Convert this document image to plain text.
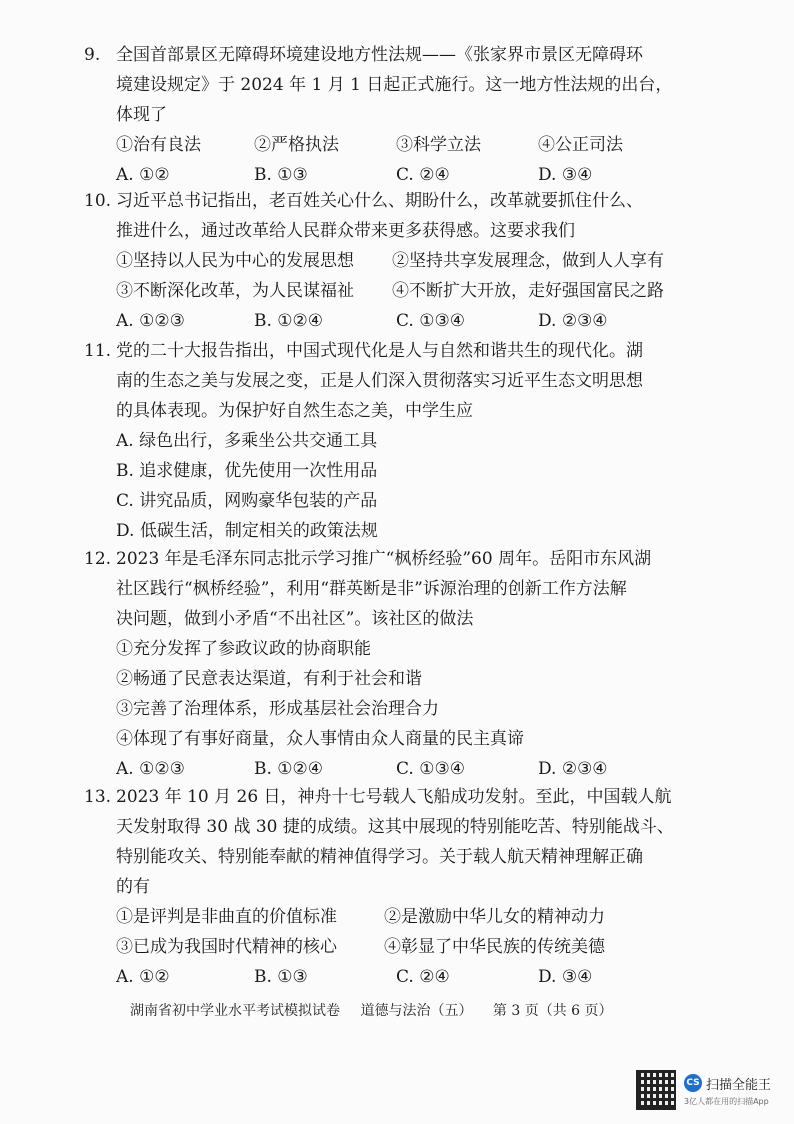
9. 全国首部景区无障碍环境建设地方性法规——《张家界市景区无障碍环
境建设规定》于 2024 年 1 月 1 日起正式施行。这一地方性法规的出台，
体现了
①治有良法	②严格执法	③科学立法	④公正司法
A. ①②	B. ①③	C. ②④	D. ③④
10. 习近平总书记指出，老百姓关心什么、期盼什么，改革就要抓住什么、
推进什么，通过改革给人民群众带来更多获得感。这要求我们
①坚持以人民为中心的发展思想 ②坚持共享发展理念，做到人人享有
③不断深化改革，为人民谋福祉 ④不断扩大开放，走好强国富民之路
A. ①②③	B. ①②④	C. ①③④	D. ②③④
11. 党的二十大报告指出，中国式现代化是人与自然和谐共生的现代化。湖
南的生态之美与发展之变，正是人们深入贯彻落实习近平生态文明思想
的具体表现。为保护好自然生态之美，中学生应
A. 绿色出行，多乘坐公共交通工具
B. 追求健康，优先使用一次性用品
C. 讲究品质，网购豪华包装的产品
D. 低碳生活，制定相关的政策法规
12. 2023 年是毛泽东同志批示学习推广“枫桥经验”60 周年。岳阳市东风湖
社区践行“枫桥经验”，利用“群英断是非”诉源治理的创新工作方法解
决问题，做到小矛盾“不出社区”。该社区的做法
①充分发挥了参政议政的协商职能
②畅通了民意表达渠道，有利于社会和谐
③完善了治理体系，形成基层社会治理合力
④体现了有事好商量，众人事情由众人商量的民主真谛
A. ①②③	B. ①②④	C. ①③④	D. ②③④
13. 2023 年 10 月 26 日，神舟十七号载人飞船成功发射。至此，中国载人航
天发射取得 30 战 30 捷的成绩。这其中展现的特别能吃苦、特别能战斗、
特别能攻关、特别能奉献的精神值得学习。关于载人航天精神理解正确
的有
①是评判是非曲直的价值标准	②是激励中华儿女的精神动力
③已成为我国时代精神的核心	④彰显了中华民族的传统美德
A. ①②	B. ①③	C. ②④	D. ③④
湖南省初中学业水平考试模拟试卷 道德与法治（五） 第 3 页（共 6 页）
CS 扫描全能王
3亿人都在用的扫描App
